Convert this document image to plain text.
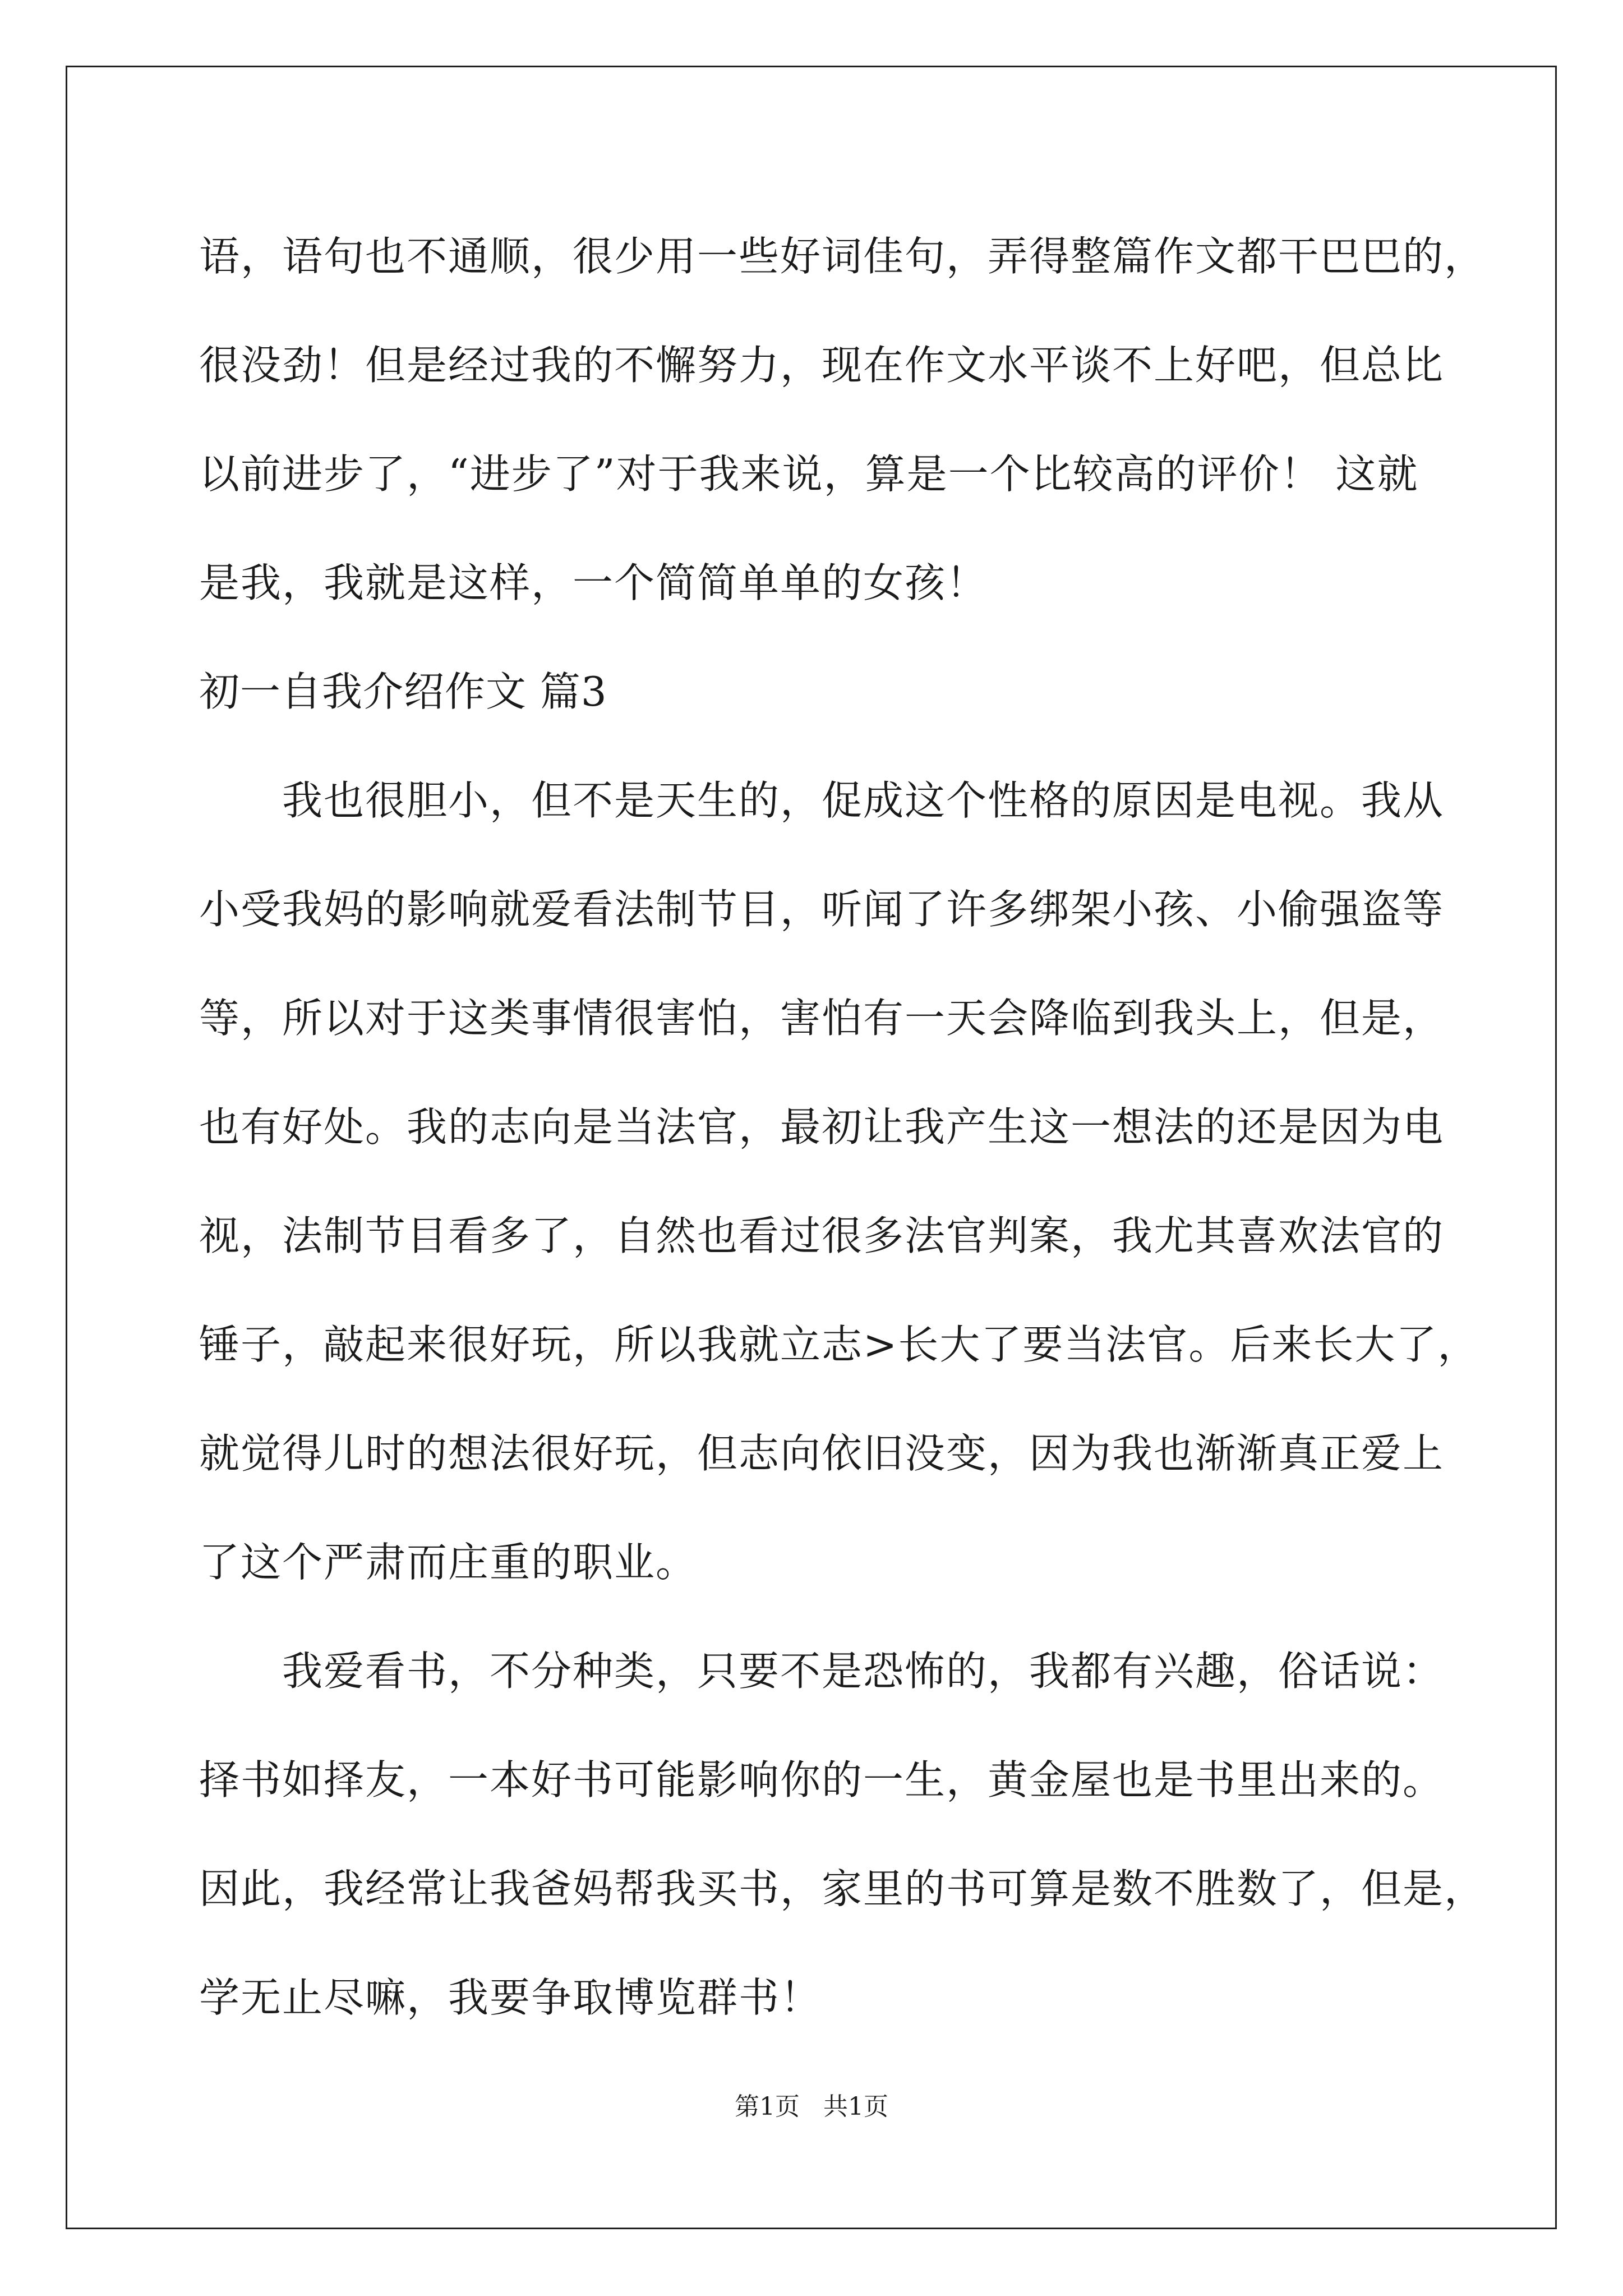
语，语句也不通顺，很少用一些好词佳句，弄得整篇作文都干巴巴的，
很没劲！但是经过我的不懈努力，现在作文水平谈不上好吧，但总比
以前进步了，“进步了”对于我来说，算是一个比较高的评价！ 这就
是我，我就是这样，一个简简单单的女孩！
初一自我介绍作文 篇3
　　我也很胆小，但不是天生的，促成这个性格的原因是电视。我从
小受我妈的影响就爱看法制节目，听闻了许多绑架小孩、小偷强盗等
等，所以对于这类事情很害怕，害怕有一天会降临到我头上，但是，
也有好处。我的志向是当法官，最初让我产生这一想法的还是因为电
视，法制节目看多了，自然也看过很多法官判案，我尤其喜欢法官的
锤子，敲起来很好玩，所以我就立志>长大了要当法官。后来长大了，
就觉得儿时的想法很好玩，但志向依旧没变，因为我也渐渐真正爱上
了这个严肃而庄重的职业。
　　我爱看书，不分种类，只要不是恐怖的，我都有兴趣，俗话说：
择书如择友，一本好书可能影响你的一生，黄金屋也是书里出来的。
因此，我经常让我爸妈帮我买书，家里的书可算是数不胜数了，但是，
学无止尽嘛，我要争取博览群书！
第1页   共1页
